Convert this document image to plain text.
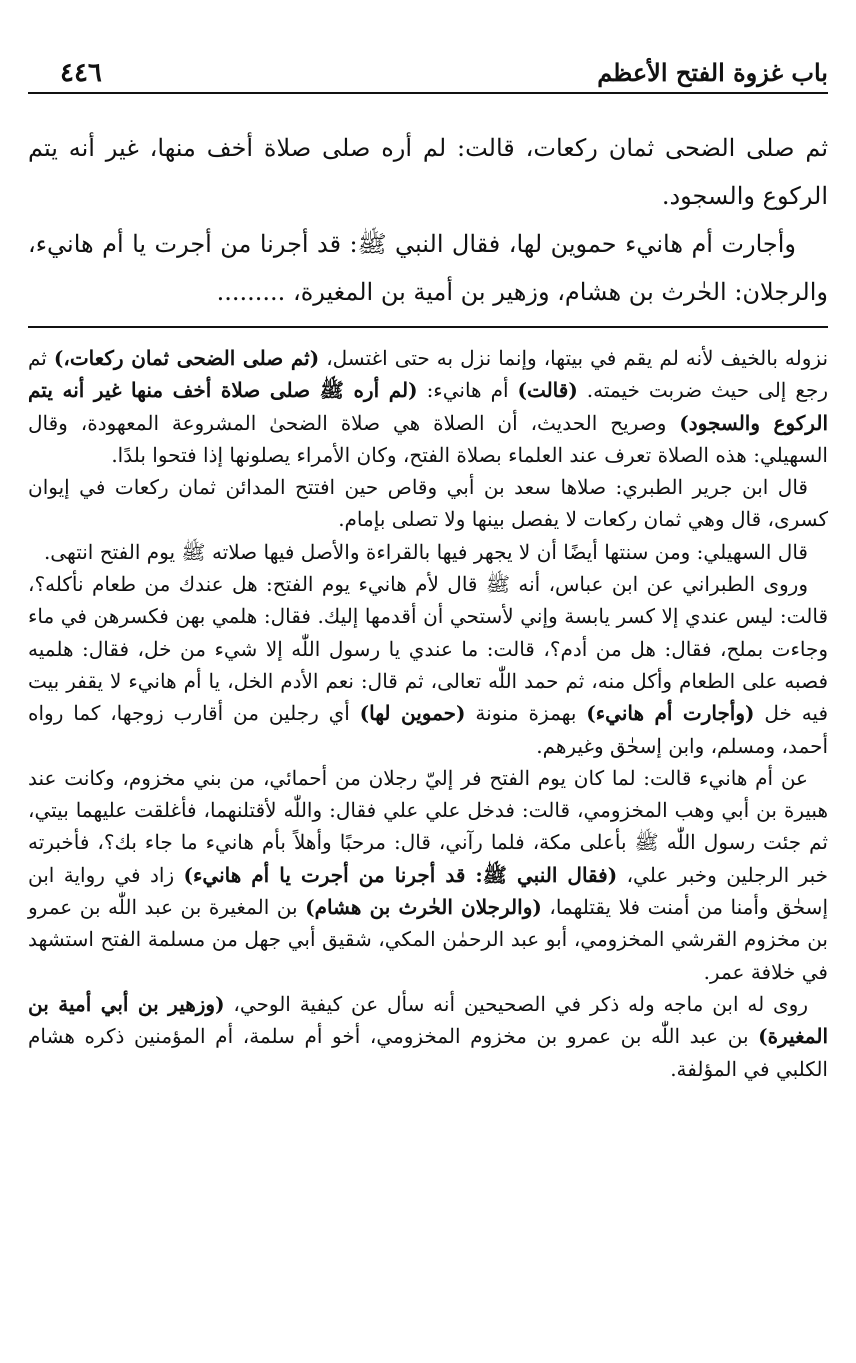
٤٤٦	باب غزوة الفتح الأعظم

ثم صلى الضحى ثمان ركعات، قالت: لم أره صلى صلاة أخف منها، غير أنه يتم الركوع والسجود.

وأجارت أم هانيء حموين لها، فقال النبي ﷺ: قد أجرنا من أجرت يا أم هانيء، والرجلان: الحٰرث بن هشام، وزهير بن أمية بن المغيرة، .........

نزوله بالخيف لأنه لم يقم في بيتها، وإنما نزل به حتى اغتسل، (ثم صلى الضحى ثمان ركعات،) ثم رجع إلى حيث ضربت خيمته. (قالت) أم هانيء: (لم أره ﷺ صلى صلاة أخف منها غير أنه يتم الركوع والسجود) وصريح الحديث، أن الصلاة هي صلاة الضحىٰ المشروعة المعهودة، وقال السهيلي: هذه الصلاة تعرف عند العلماء بصلاة الفتح، وكان الأمراء يصلونها إذا فتحوا بلدًا.

قال ابن جرير الطبري: صلاها سعد بن أبي وقاص حين افتتح المدائن ثمان ركعات في إيوان كسرى، قال وهي ثمان ركعات لا يفصل بينها ولا تصلى بإمام.

قال السهيلي: ومن سنتها أيضًا أن لا يجهر فيها بالقراءة والأصل فيها صلاته ﷺ يوم الفتح انتهى.

وروى الطبراني عن ابن عباس، أنه ﷺ قال لأم هانيء يوم الفتح: هل عندك من طعام نأكله؟، قالت: ليس عندي إلا كسر يابسة وإني لأستحي أن أقدمها إليك. فقال: هلمي بهن فكسرهن في ماء وجاءت بملح، فقال: هل من أدم؟، قالت: ما عندي يا رسول اللّٰه إلا شيء من خل، فقال: هلميه فصبه على الطعام وأكل منه، ثم حمد اللّٰه تعالى، ثم قال: نعم الأدم الخل، يا أم هانيء لا يقفر بيت فيه خل (وأجارت أم هانيء) بهمزة منونة (حموين لها) أي رجلين من أقارب زوجها، كما رواه أحمد، ومسلم، وابن إسحٰق وغيرهم.

عن أم هانيء قالت: لما كان يوم الفتح فر إليّ رجلان من أحمائي، من بني مخزوم، وكانت عند هبيرة بن أبي وهب المخزومي، قالت: فدخل علي علي فقال: واللّٰه لأقتلنهما، فأغلقت عليهما بيتي، ثم جئت رسول اللّٰه ﷺ بأعلى مكة، فلما رآني، قال: مرحبًا وأهلاً بأم هانيء ما جاء بك؟، فأخبرته خبر الرجلين وخبر علي، (فقال النبي ﷺ: قد أجرنا من أجرت يا أم هانيء) زاد في رواية ابن إسحٰق وأمنا من أمنت فلا يقتلهما، (والرجلان الحٰرث بن هشام) بن المغيرة بن عبد اللّٰه بن عمرو بن مخزوم القرشي المخزومي، أبو عبد الرحمٰن المكي، شقيق أبي جهل من مسلمة الفتح استشهد في خلافة عمر.

روى له ابن ماجه وله ذكر في الصحيحين أنه سأل عن كيفية الوحي، (وزهير بن أبي أمية بن المغيرة) بن عبد اللّٰه بن عمرو بن مخزوم المخزومي، أخو أم سلمة، أم المؤمنين ذكره هشام الكلبي في المؤلفة.
